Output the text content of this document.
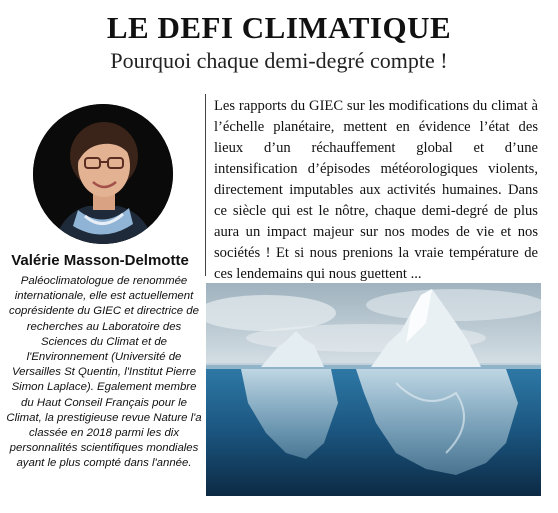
LE DEFI CLIMATIQUE
Pourquoi chaque demi-degré compte !
Valérie Masson-Delmotte
Paléoclimatologue de renommée internationale, elle est actuellement coprésidente du GIEC et directrice de recherches au Laboratoire des Sciences du Climat et de l'Environnement (Université de Versailles St Quentin, l'Institut Pierre Simon Laplace). Egalement membre du Haut Conseil Français pour le Climat, la prestigieuse revue Nature l'a classée en 2018 parmi les dix personnalités scientifiques mondiales ayant le plus compté dans l'année.
Les rapports du GIEC sur les modifications du climat à l’échelle planétaire, mettent en évidence l’état des lieux d’un réchauffement global et d’une intensification d’épisodes météorologiques violents, directement imputables aux activités humaines. Dans ce siècle qui est le nôtre, chaque demi-degré de plus aura un impact majeur sur nos modes de vie et nos sociétés ! Et si nous prenions la vraie température de ces lendemains qui nous guettent ...
